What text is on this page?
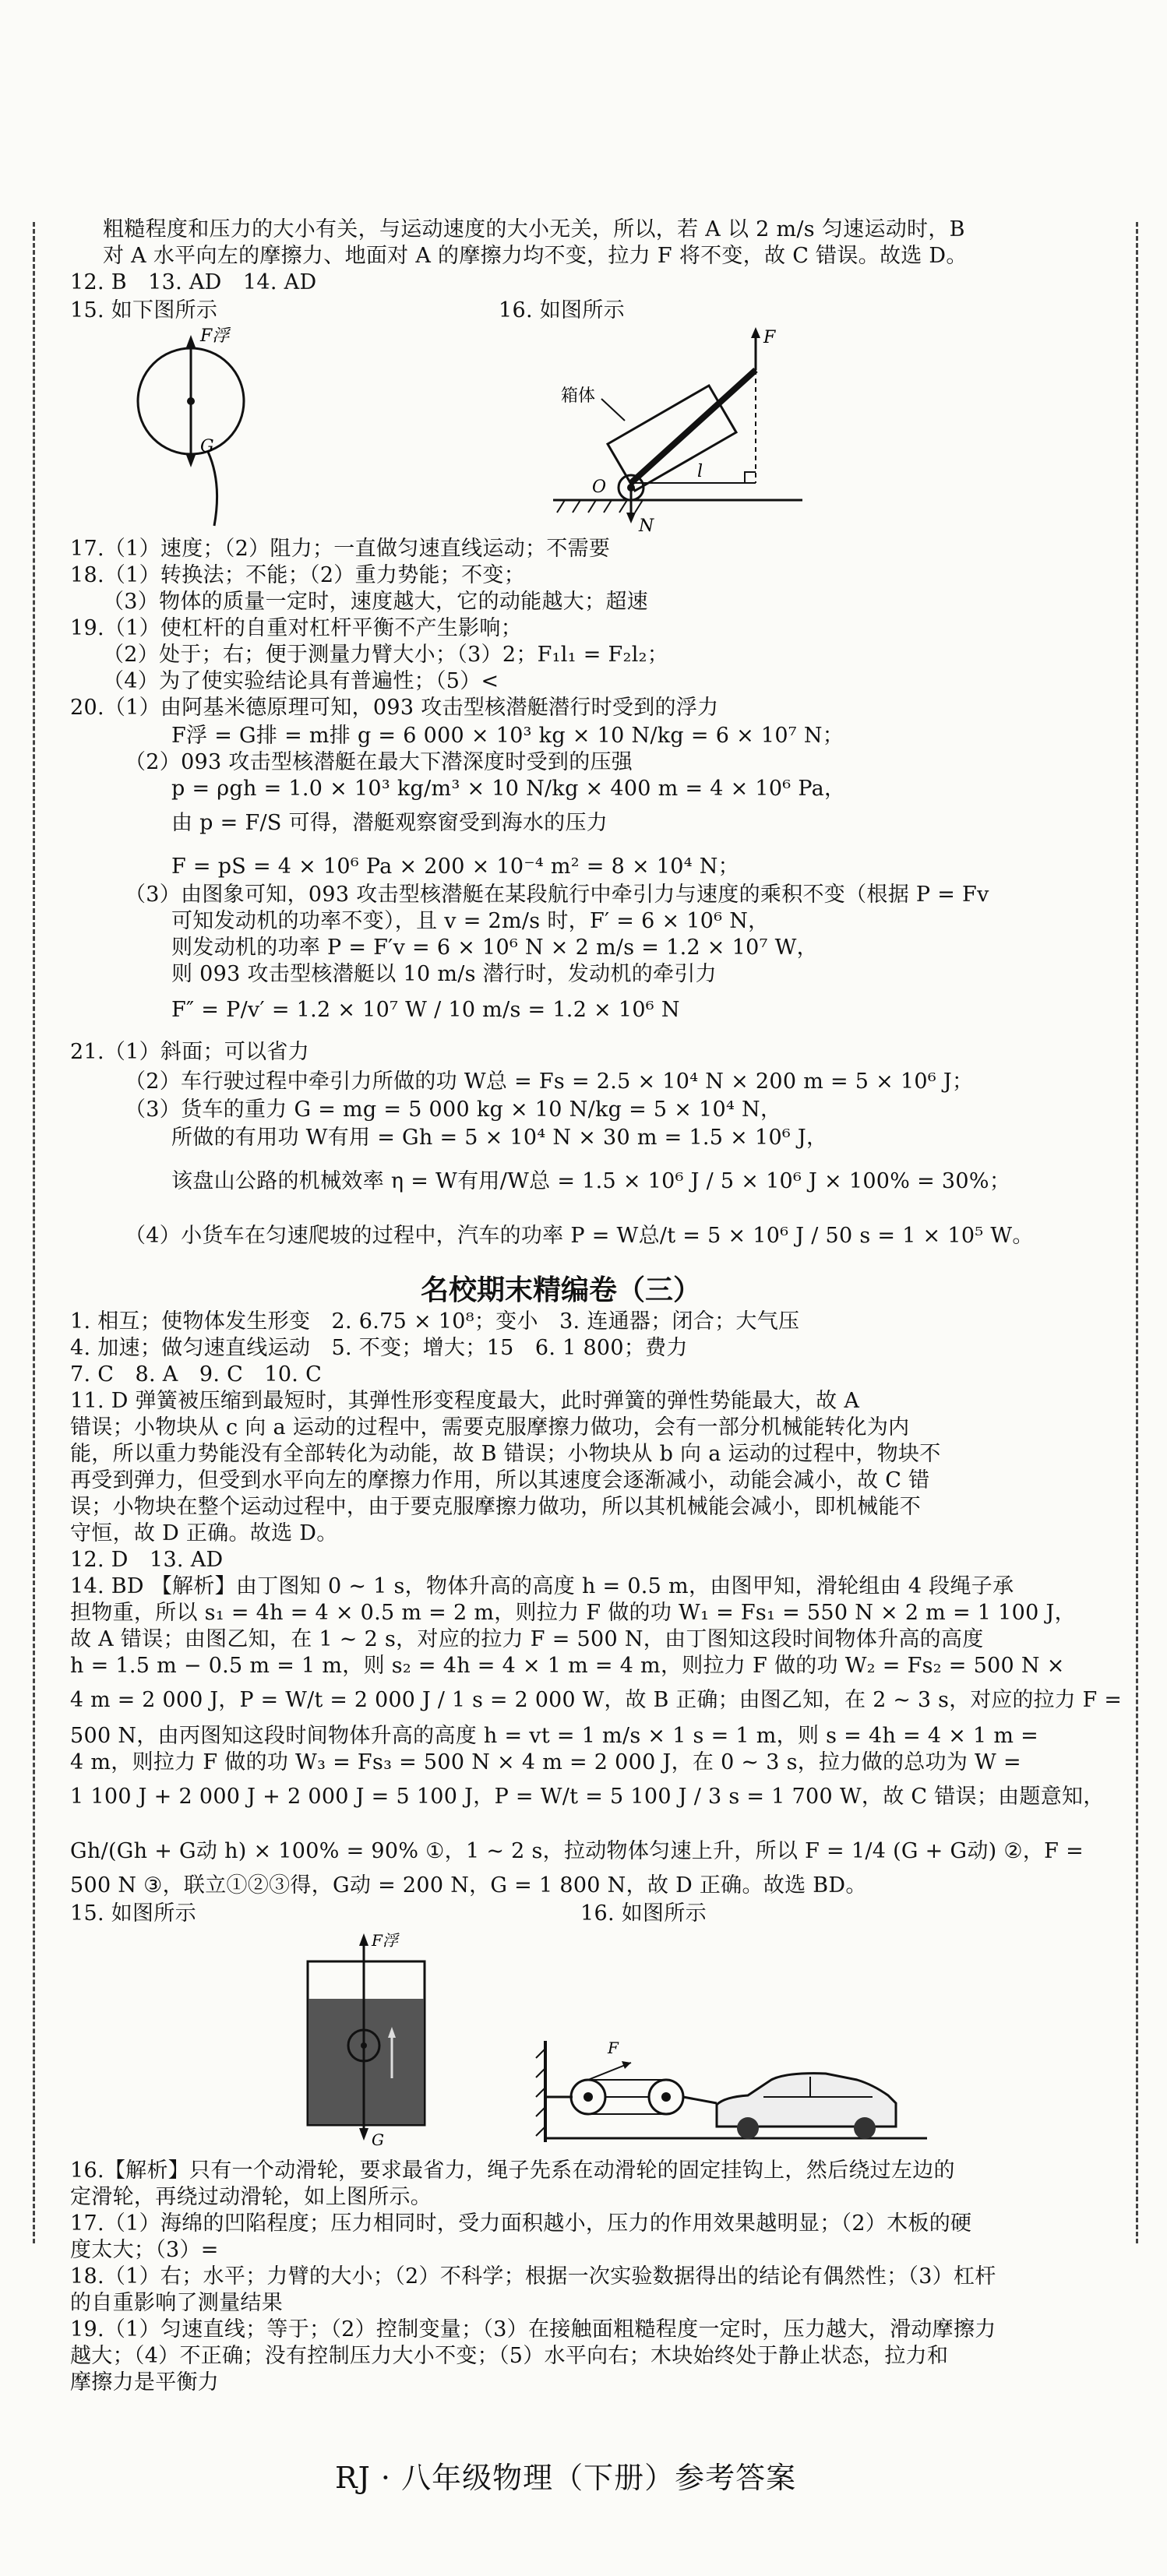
粗糙程度和压力的大小有关，与运动速度的大小无关，所以，若 A 以 2 m/s 匀速运动时，B
对 A 水平向左的摩擦力、地面对 A 的摩擦力均不变，拉力 F 将不变，故 C 错误。故选 D。
12. B　13. AD　14. AD
15. 如下图所示	16. 如图所示
F浮
G
箱体
F
l
O
N
17.（1）速度；（2）阻力；一直做匀速直线运动；不需要
18.（1）转换法；不能；（2）重力势能；不变；
（3）物体的质量一定时，速度越大，它的动能越大；超速
19.（1）使杠杆的自重对杠杆平衡不产生影响；
（2）处于；右；便于测量力臂大小；（3）2；F₁l₁ = F₂l₂；
（4）为了使实验结论具有普遍性；（5）<
20.（1）由阿基米德原理可知，093 攻击型核潜艇潜行时受到的浮力
F浮 = G排 = m排 g = 6 000 × 10³ kg × 10 N/kg = 6 × 10⁷ N；
（2）093 攻击型核潜艇在最大下潜深度时受到的压强
p = ρgh = 1.0 × 10³ kg/m³ × 10 N/kg × 400 m = 4 × 10⁶ Pa，
由 p = F/S 可得，潜艇观察窗受到海水的压力
F = pS = 4 × 10⁶ Pa × 200 × 10⁻⁴ m² = 8 × 10⁴ N；
（3）由图象可知，093 攻击型核潜艇在某段航行中牵引力与速度的乘积不变（根据 P = Fv
可知发动机的功率不变），且 v = 2m/s 时，F′ = 6 × 10⁶ N，
则发动机的功率 P = F′v = 6 × 10⁶ N × 2 m/s = 1.2 × 10⁷ W，
则 093 攻击型核潜艇以 10 m/s 潜行时，发动机的牵引力
F″ = P/v′ = 1.2 × 10⁷ W / 10 m/s = 1.2 × 10⁶ N
21.（1）斜面；可以省力
（2）车行驶过程中牵引力所做的功 W总 = Fs = 2.5 × 10⁴ N × 200 m = 5 × 10⁶ J；
（3）货车的重力 G = mg = 5 000 kg × 10 N/kg = 5 × 10⁴ N，
所做的有用功 W有用 = Gh = 5 × 10⁴ N × 30 m = 1.5 × 10⁶ J，
该盘山公路的机械效率 η = W有用/W总 = 1.5 × 10⁶ J / 5 × 10⁶ J × 100% = 30%；
（4）小货车在匀速爬坡的过程中，汽车的功率 P = W总/t = 5 × 10⁶ J / 50 s = 1 × 10⁵ W。
名校期末精编卷（三）
1. 相互；使物体发生形变　2. 6.75 × 10⁸；变小　3. 连通器；闭合；大气压
4. 加速；做匀速直线运动　5. 不变；增大；15　6. 1 800；费力
7. C　8. A　9. C　10. C
11. D 弹簧被压缩到最短时，其弹性形变程度最大，此时弹簧的弹性势能最大，故 A
错误；小物块从 c 向 a 运动的过程中，需要克服摩擦力做功，会有一部分机械能转化为内
能，所以重力势能没有全部转化为动能，故 B 错误；小物块从 b 向 a 运动的过程中，物块不
再受到弹力，但受到水平向左的摩擦力作用，所以其速度会逐渐减小，动能会减小，故 C 错
误；小物块在整个运动过程中，由于要克服摩擦力做功，所以其机械能会减小，即机械能不
守恒，故 D 正确。故选 D。
12. D　13. AD
14. BD 【解析】由丁图知 0 ~ 1 s，物体升高的高度 h = 0.5 m，由图甲知，滑轮组由 4 段绳子承
担物重，所以 s₁ = 4h = 4 × 0.5 m = 2 m，则拉力 F 做的功 W₁ = Fs₁ = 550 N × 2 m = 1 100 J，
故 A 错误；由图乙知，在 1 ~ 2 s，对应的拉力 F = 500 N，由丁图知这段时间物体升高的高度
h = 1.5 m − 0.5 m = 1 m，则 s₂ = 4h = 4 × 1 m = 4 m，则拉力 F 做的功 W₂ = Fs₂ = 500 N ×
4 m = 2 000 J，P = W/t = 2 000 J / 1 s = 2 000 W，故 B 正确；由图乙知，在 2 ~ 3 s，对应的拉力 F =
500 N，由丙图知这段时间物体升高的高度 h = vt = 1 m/s × 1 s = 1 m，则 s = 4h = 4 × 1 m =
4 m，则拉力 F 做的功 W₃ = Fs₃ = 500 N × 4 m = 2 000 J，在 0 ~ 3 s，拉力做的总功为 W =
1 100 J + 2 000 J + 2 000 J = 5 100 J，P = W/t = 5 100 J / 3 s = 1 700 W，故 C 错误；由题意知，
Gh/(Gh + G动 h) × 100% = 90% ①，1 ~ 2 s，拉动物体匀速上升，所以 F = 1/4 (G + G动) ②，F =
500 N ③，联立①②③得，G动 = 200 N，G = 1 800 N，故 D 正确。故选 BD。
15. 如图所示	16. 如图所示
F浮
G
F
16.【解析】只有一个动滑轮，要求最省力，绳子先系在动滑轮的固定挂钩上，然后绕过左边的
定滑轮，再绕过动滑轮，如上图所示。
17.（1）海绵的凹陷程度；压力相同时，受力面积越小，压力的作用效果越明显；（2）木板的硬
度太大；（3）=
18.（1）右；水平；力臂的大小；（2）不科学；根据一次实验数据得出的结论有偶然性；（3）杠杆
的自重影响了测量结果
19.（1）匀速直线；等于；（2）控制变量；（3）在接触面粗糙程度一定时，压力越大，滑动摩擦力
越大；（4）不正确；没有控制压力大小不变；（5）水平向右；木块始终处于静止状态，拉力和
摩擦力是平衡力
RJ · 八年级物理（下册）参考答案
